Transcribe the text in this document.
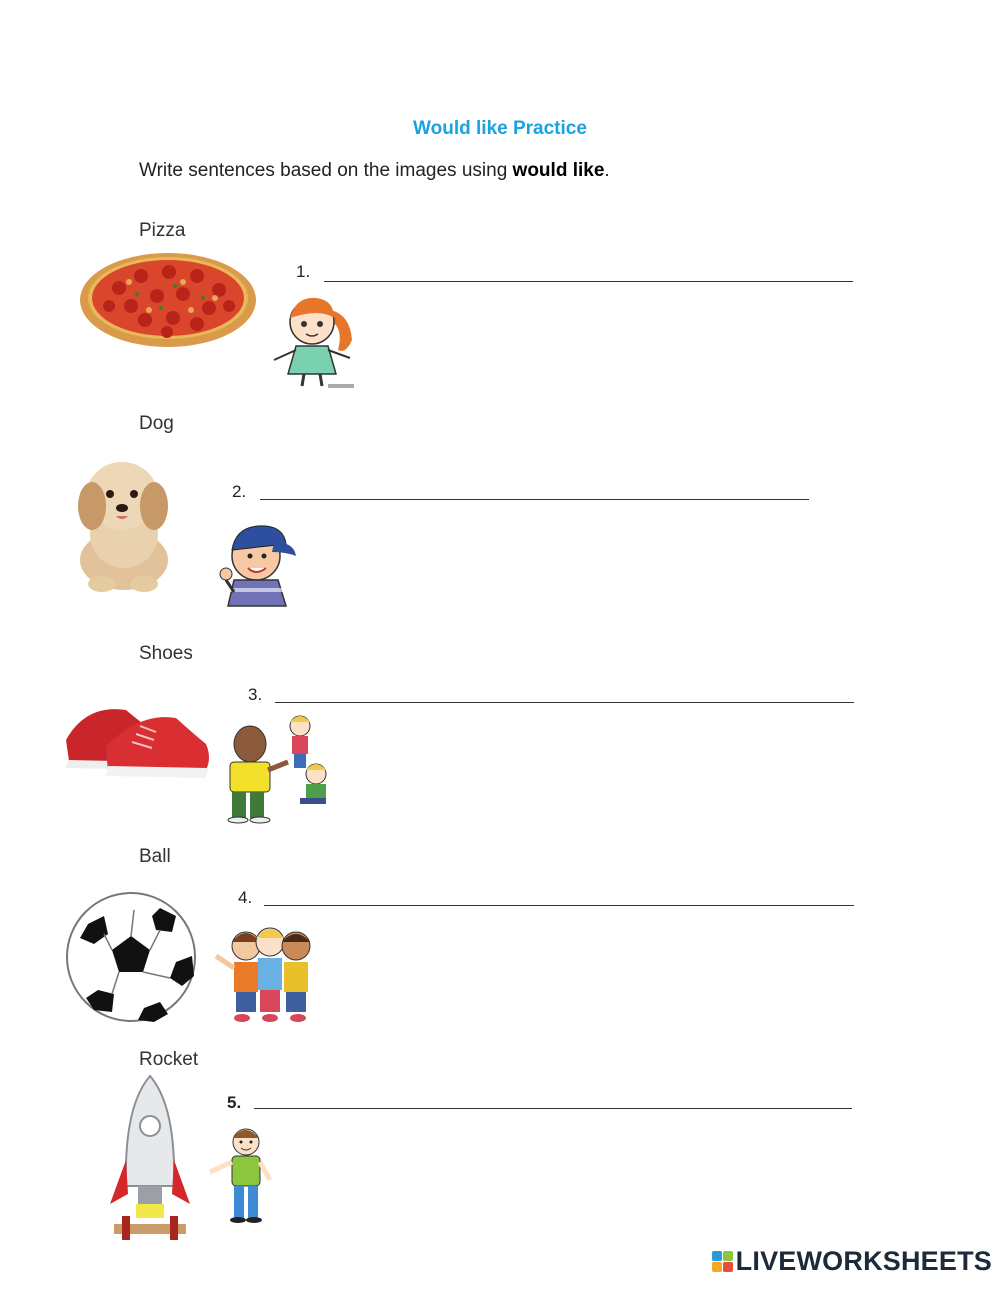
Would like Practice
Write sentences based on the images using would like.
Pizza
1.
Dog
2.
Shoes
3.
Ball
4.
Rocket
5.
LIVEWORKSHEETS
